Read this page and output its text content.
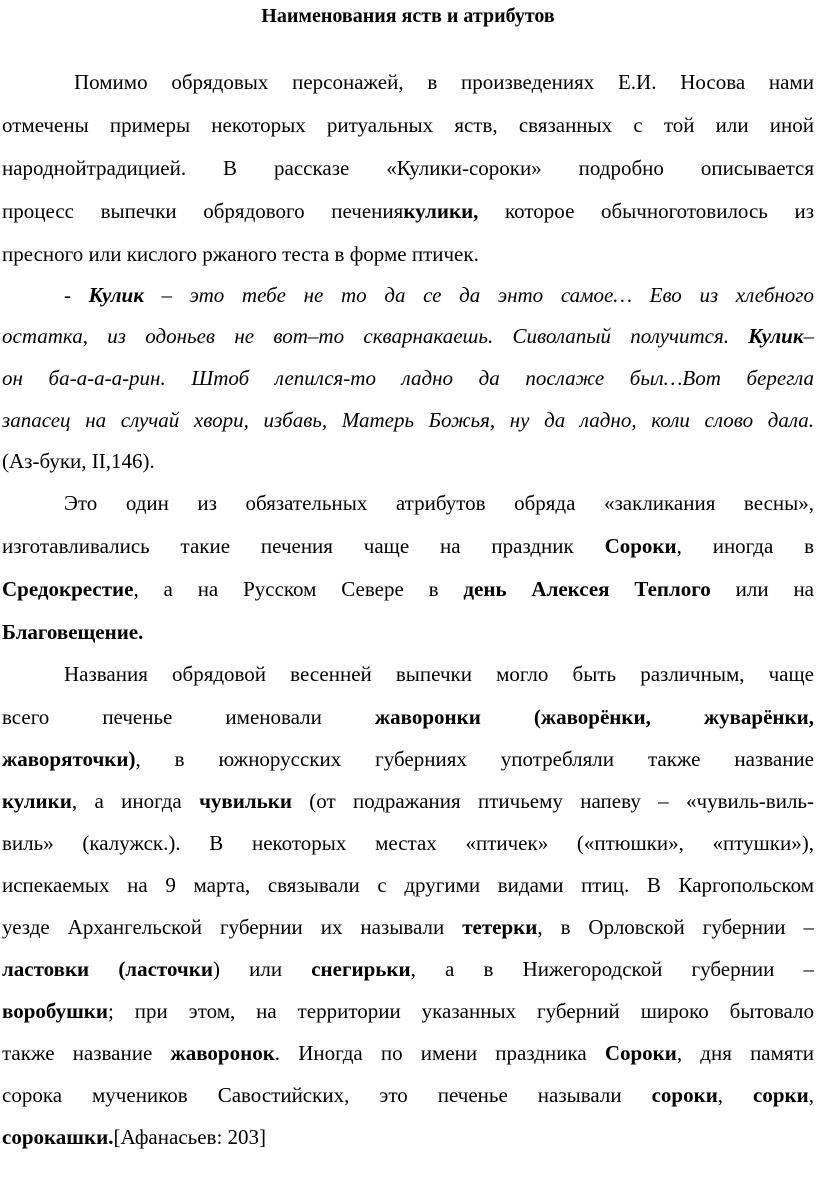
Наименования яств и атрибутов
Помимо обрядовых персонажей, в произведениях Е.И. Носова нами
отмечены примеры некоторых ритуальных яств, связанных с той или иной
народнойтрадицией. В рассказе «Кулики-сороки» подробно описывается
процесс выпечки обрядового печениякулики, которое обычноготовилось из
пресного или кислого ржаного теста в форме птичек.
- Кулик – это тебе не то да се да энто самое… Ево из хлебного
остатка, из одоньев не вот–то скварнакаешь. Сиволапый получится. Кулик–
он ба-а-а-а-рин. Штоб лепился-то ладно да послаже был…Вот берегла
запасец на случай хвори, избавь, Матерь Божья, ну да ладно, коли слово дала.
(Аз-буки, II,146).
Это один из обязательных атрибутов обряда «закликания весны»,
изготавливались такие печения чаще на праздник Сороки, иногда в
Средокрестие, а на Русском Севере в день Алексея Теплого или на
Благовещение.
Названия обрядовой весенней выпечки могло быть различным, чаще
всего печенье именовали жаворонки (жаворёнки, жуварёнки,
жаворяточки), в южнорусских губерниях употребляли также название
кулики, а иногда чувильки (от подражания птичьему напеву – «чувиль-виль-
виль» (калужск.). В некоторых местах «птичек» («птюшки», «птушки»),
испекаемых на 9 марта, связывали с другими видами птиц. В Каргопольском
уезде Архангельской губернии их называли тетерки, в Орловской губернии –
ластовки (ласточки) или снегирьки, а в Нижегородской губернии –
воробушки; при этом, на территории указанных губерний широко бытовало
также название жаворонок. Иногда по имени праздника Сороки, дня памяти
сорока мучеников Савостийских, это печенье называли сороки, сорки,
сорокашки.[Афанасьев: 203]
